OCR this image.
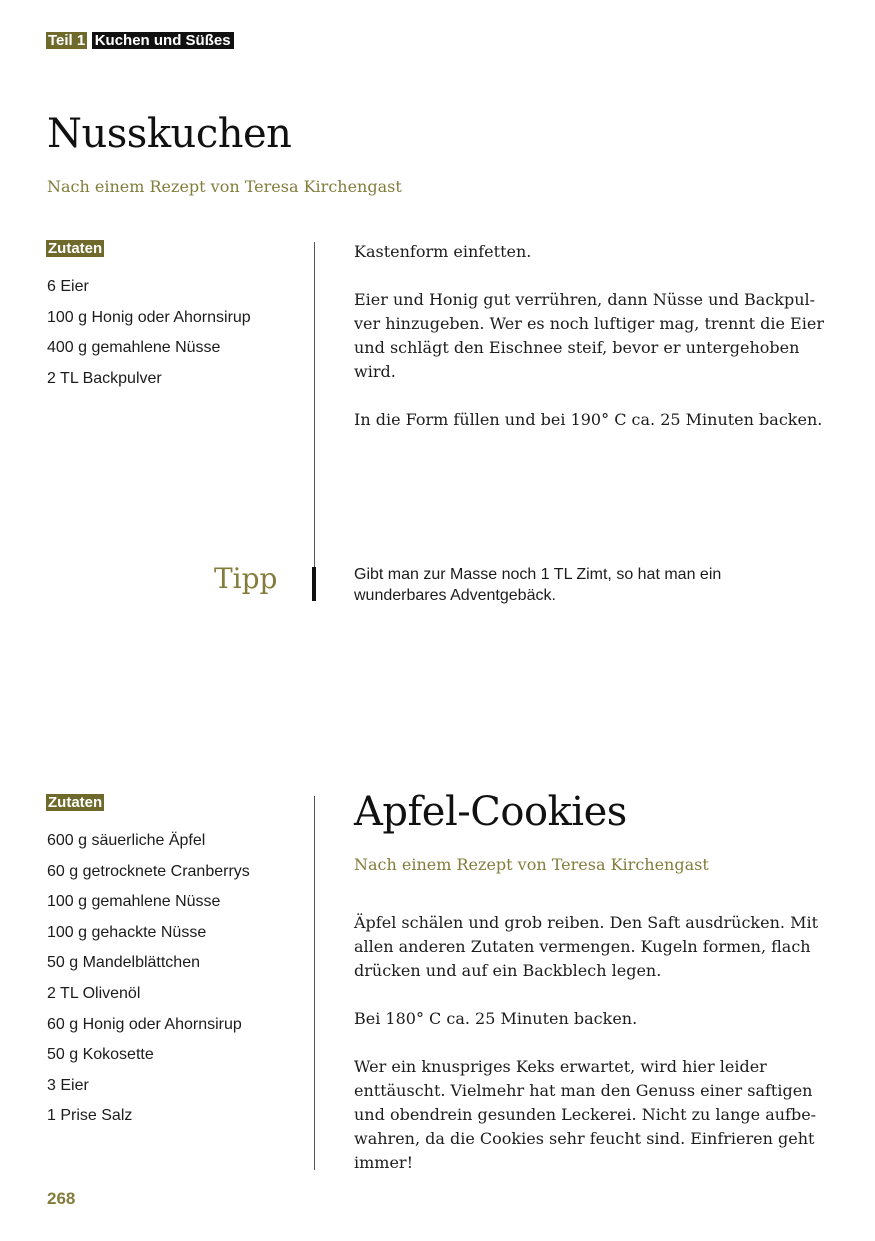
Teil 1 Kuchen und Süßes
Nusskuchen
Nach einem Rezept von Teresa Kirchengast
Zutaten
6 Eier
100 g Honig oder Ahornsirup
400 g gemahlene Nüsse
2 TL Backpulver

Kastenform einfetten.

Eier und Honig gut verrühren, dann Nüsse und Backpul-ver hinzugeben. Wer es noch luftiger mag, trennt die Eier und schlägt den Eischnee steif, bevor er untergehoben wird.

In die Form füllen und bei 190° C ca. 25 Minuten backen.

Tipp	Gibt man zur Masse noch 1 TL Zimt, so hat man ein wunderbares Adventgebäck.
Zutaten
600 g säuerliche Äpfel
60 g getrocknete Cranberrys
100 g gemahlene Nüsse
100 g gehackte Nüsse
50 g Mandelblättchen
2 TL Olivenöl
60 g Honig oder Ahornsirup
50 g Kokosette
3 Eier
1 Prise Salz
Apfel-Cookies
Nach einem Rezept von Teresa Kirchengast

Äpfel schälen und grob reiben. Den Saft ausdrücken. Mit allen anderen Zutaten vermengen. Kugeln formen, flach drücken und auf ein Backblech legen.

Bei 180° C ca. 25 Minuten backen.

Wer ein knuspriges Keks erwartet, wird hier leider enttäuscht. Vielmehr hat man den Genuss einer saftigen und obendrein gesunden Leckerei. Nicht zu lange aufbe-wahren, da die Cookies sehr feucht sind. Einfrieren geht immer!

268
